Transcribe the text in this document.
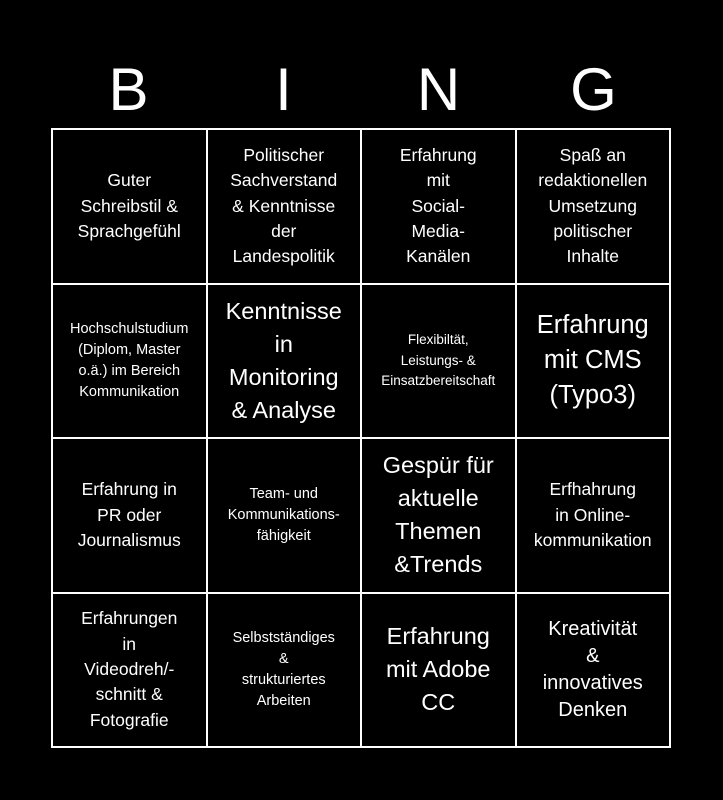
B	I	N	G
Guter
Schreibstil &
Sprachgefühl
Politischer
Sachverstand
& Kenntnisse
der
Landespolitik
Erfahrung
mit
Social-
Media-
Kanälen
Spaß an
redaktionellen
Umsetzung
politischer
Inhalte
Hochschulstudium
(Diplom, Master
o.ä.) im Bereich
Kommunikation
Kenntnisse
in
Monitoring
& Analyse
Flexibiltät,
Leistungs- &
Einsatzbereitschaft
Erfahrung
mit CMS
(Typo3)
Erfahrung in
PR oder
Journalismus
Team- und
Kommunikations-
fähigkeit
Gespür für
aktuelle
Themen
&Trends
Erfhahrung
in Online-
kommunikation
Erfahrungen
in
Videodreh/-
schnitt &
Fotografie
Selbstständiges
&
strukturiertes
Arbeiten
Erfahrung
mit Adobe
CC
Kreativität
&
innovatives
Denken
